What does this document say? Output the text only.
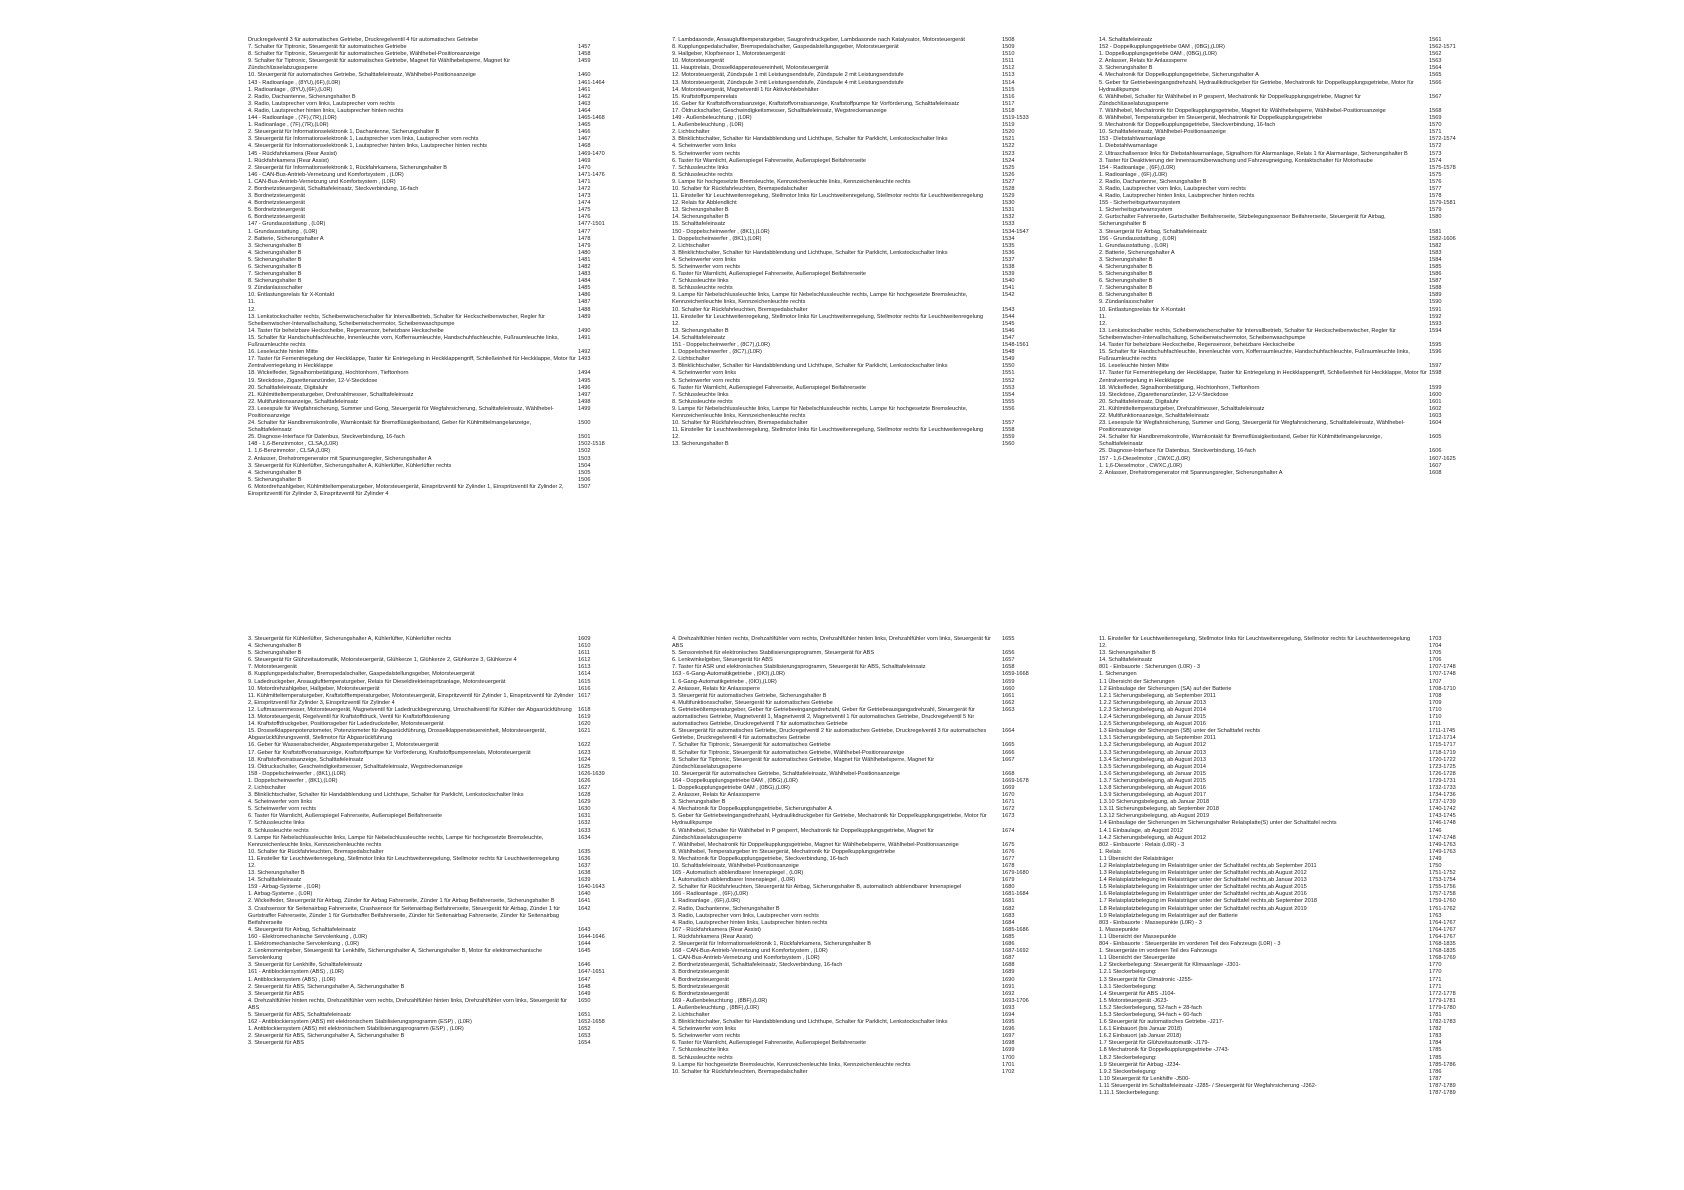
Druckregelventil 3 für automatisches Getriebe, Druckregelventil 4 für automatisches Getriebe
7. Schalter für Tiptronic, Steuergerät für automatisches Getriebe	1457
8. Schalter für Tiptronic, Steuergerät für automatisches Getriebe, Wählhebel-Positionsanzeige	1458
9. Schalter für Tiptronic, Steuergerät für automatisches Getriebe, Magnet für Wählhebelsperre, Magnet für Zündschlüsselabzugssperre
1459
10. Steuergerät für automatisches Getriebe, Schalttafeleinsatz, Wählhebel-Positionsanzeige	1460
143 - Radioanlage , (8YU),(6F),(L0R)	1461-1464
1. Radioanlage , (8YU),(6F),(L0R)	1461
2. Radio, Dachantenne, Sicherungshalter B	1462
3. Radio, Lautsprecher vorn links, Lautsprecher vorn rechts	1463
4. Radio, Lautsprecher hinten links, Lautsprecher hinten rechts	1464
144 - Radioanlage , (7F),(7R),(L0R)	1465-1468
1. Radioanlage , (7F),(7R),(L0R)	1465
2. Steuergerät für Informationselektronik 1, Dachantenne, Sicherungshalter B	1466
3. Steuergerät für Informationselektronik 1, Lautsprecher vorn links, Lautsprecher vorn rechts	1467
4. Steuergerät für Informationselektronik 1, Lautsprecher hinten links, Lautsprecher hinten rechts	1468
145 - Rückfahrkamera (Rear Assist)	1469-1470
1. Rückfahrkamera (Rear Assist)	1469
2. Steuergerät für Informationselektronik 1, Rückfahrkamera, Sicherungshalter B	1470
146 - CAN-Bus-Antrieb-Vernetzung und Komfortsystem , (L0R)	1471-1476
1. CAN-Bus-Antrieb-Vernetzung und Komfortsystem , (L0R)	1471
2. Bordnetzsteuergerät, Schalttafeleinsatz, Steckverbindung, 16-fach	1472
3. Bordnetzsteuergerät	1473
4. Bordnetzsteuergerät	1474
5. Bordnetzsteuergerät	1475
6. Bordnetzsteuergerät	1476
147 - Grundausstattung , (L0R)	1477-1501
1. Grundausstattung , (L0R)	1477
2. Batterie, Sicherungshalter A	1478
3. Sicherungshalter B	1479
4. Sicherungshalter B	1480
5. Sicherungshalter B	1481
6. Sicherungshalter B	1482
7. Sicherungshalter B	1483
8. Sicherungshalter B	1484
9. Zündanlassschalter	1485
10. Entlastungsrelais für X-Kontakt	1486
11.	1487
12.	1488
13. Lenkstockschalter rechts, Scheibenwischerschalter für Intervallbetrieb, Schalter für Heckscheibenwischer, Regler für Scheibenwischer-Intervallschaltung, Scheibenwischermotor, Scheibenwaschpumpe
1489
14. Taster für beheizbare Heckscheibe, Regensensor, beheizbare Heckscheibe	1490
15. Schalter für Handschuhfachleuchte, Innenleuchte vorn, Kofferraumleuchte, Handschuhfachleuchte, Fußraumleuchte links, Fußraumleuchte rechts
1491
16. Leseleuchte hinten Mitte	1492
17. Taster für Fernentriegelung der Heckklappe, Taster für Entriegelung in Heckklappengriff, Schließeinheit für Heckklappe, Motor für Zentralverriegelung in Heckklappe
1493
18. Wickelfeder, Signalhornbetätigung, Hochtonhorn, Tieftonhorn	1494
19. Steckdose, Zigarettenanzünder, 12-V-Steckdose	1495
20. Schalttafeleinsatz, Digitaluhr	1496
21. Kühlmitteltemperaturgeber, Drehzahlmesser, Schalttafeleinsatz	1497
22. Multifunktionsanzeige, Schalttafeleinsatz	1498
23. Lesespule für Wegfahrsicherung, Summer und Gong, Steuergerät für Wegfahrsicherung, Schalttafeleinsatz, Wählhebel-Positionsanzeige
1499
24. Schalter für Handbremskontrolle, Warnkontakt für Bremsflüssigkeitsstand, Geber für Kühlmittelmangelanzeige, Schalttafeleinsatz
1500
25. Diagnose-Interface für Datenbus, Steckverbindung, 16-fach	1501
148 - 1,6-Benzinmotor , CLSA,(L0R)	1502-1518
1. 1,6-Benzinmotor , CLSA,(L0R)	1502
2. Anlasser, Drehstromgenerator mit Spannungsregler, Sicherungshalter A	1503
3. Steuergerät für Kühlerlüfter, Sicherungshalter A, Kühlerlüfter, Kühlerlüfter rechts	1504
4. Sicherungshalter B	1505
5. Sicherungshalter B	1506
6. Motordrehzahlgeber, Kühlmitteltemperaturgeber, Motorsteuergerät, Einspritzventil für Zylinder 1, Einspritzventil für Zylinder 2, Einspritzventil für Zylinder 3, Einspritzventil für Zylinder 4
1507
7. Lambdasonde, Ansauglufttemperaturgeber, Saugrohrdruckgeber, Lambdasonde nach Katalysator, Motorsteuergerät	1508
8. Kupplungspedalschalter, Bremspedalschalter, Gaspedalstellungsgeber, Motorsteuergerät	1509
9. Hallgeber, Klopfsensor 1, Motorsteuergerät	1510
10. Motorsteuergerät	1511
11. Hauptrelais, Drosselklappensteuereinheit, Motorsteuergerät	1512
12. Motorsteuergerät, Zündspule 1 mit Leistungsendstufe, Zündspule 2 mit Leistungsendstufe	1513
13. Motorsteuergerät, Zündspule 3 mit Leistungsendstufe, Zündspule 4 mit Leistungsendstufe	1514
14. Motorsteuergerät, Magnetventil 1 für Aktivkohlebehälter	1515
15. Kraftstoffpumpenrelais	1516
16. Geber für Kraftstoffvorratsanzeige, Kraftstoffvorratsanzeige, Kraftstoffpumpe für Vorförderung, Schalttafeleinsatz	1517
17. Öldruckschalter, Geschwindigkeitsmesser, Schalttafeleinsatz, Wegstreckenanzeige	1518
149 - Außenbeleuchtung , (L0R)	1519-1533
1. Außenbeleuchtung , (L0R)	1519
2. Lichtschalter	1520
3. Blinklichtschalter, Schalter für Handabblendung und Lichthupe, Schalter für Parklicht, Lenkstockschalter links	1521
4. Scheinwerfer vorn links	1522
5. Scheinwerfer vorn rechts	1523
6. Taster für Warnlicht, Außenspiegel Fahrerseite, Außenspiegel Beifahrerseite	1524
7. Schlussleuchte links	1525
8. Schlussleuchte rechts	1526
9. Lampe für hochgesetzte Bremsleuchte, Kennzeichenleuchte links, Kennzeichenleuchte rechts	1527
10. Schalter für Rückfahrleuchten, Bremspedalschalter	1528
11. Einsteller für Leuchtweitenregelung, Stellmotor links für Leuchtweitenregelung, Stellmotor rechts für Leuchtweitenregelung	1529
12. Relais für Abblendlicht	1530
13. Sicherungshalter B	1531
14. Sicherungshalter B	1532
15. Schalttafeleinsatz	1533
150 - Doppelscheinwerfer , (8K1),(L0R)	1534-1547
1. Doppelscheinwerfer , (8K1),(L0R)	1534
2. Lichtschalter	1535
3. Blinklichtschalter, Schalter für Handabblendung und Lichthupe, Schalter für Parklicht, Lenkstockschalter links	1536
4. Scheinwerfer vorn links	1537
5. Scheinwerfer vorn rechts	1538
6. Taster für Warnlicht, Außenspiegel Fahrerseite, Außenspiegel Beifahrerseite	1539
7. Schlussleuchte links	1540
8. Schlussleuchte rechts	1541
9. Lampe für Nebelschlussleuchte links, Lampe für Nebelschlussleuchte rechts, Lampe für hochgesetzte Bremsleuchte, Kennzeichenleuchte links, Kennzeichenleuchte rechts
1542
10. Schalter für Rückfahrleuchten, Bremspedalschalter	1543
11. Einsteller für Leuchtweitenregelung, Stellmotor links für Leuchtweitenregelung, Stellmotor rechts für Leuchtweitenregelung	1544
12.	1545
13. Sicherungshalter B	1546
14. Schalttafeleinsatz	1547
151 - Doppelscheinwerfer , (8C7),(L0R)	1548-1561
1. Doppelscheinwerfer , (8C7),(L0R)	1548
2. Lichtschalter	1549
3. Blinklichtschalter, Schalter für Handabblendung und Lichthupe, Schalter für Parklicht, Lenkstockschalter links	1550
4. Scheinwerfer vorn links	1551
5. Scheinwerfer vorn rechts	1552
6. Taster für Warnlicht, Außenspiegel Fahrerseite, Außenspiegel Beifahrerseite	1553
7. Schlussleuchte links	1554
8. Schlussleuchte rechts	1555
9. Lampe für Nebelschlussleuchte links, Lampe für Nebelschlussleuchte rechts, Lampe für hochgesetzte Bremsleuchte, Kennzeichenleuchte links, Kennzeichenleuchte rechts
1556
10. Schalter für Rückfahrleuchten, Bremspedalschalter	1557
11. Einsteller für Leuchtweitenregelung, Stellmotor links für Leuchtweitenregelung, Stellmotor rechts für Leuchtweitenregelung	1558
12.	1559
13. Sicherungshalter B	1560
14. Schalttafeleinsatz	1561
152 - Doppelkupplungsgetriebe 0AM , (0BG),(L0R)	1562-1571
1. Doppelkupplungsgetriebe 0AM , (0BG),(L0R)	1562
2. Anlasser, Relais für Anlasssperre	1563
3. Sicherungshalter B	1564
4. Mechatronik für Doppelkupplungsgetriebe, Sicherungshalter A	1565
5. Geber für Getriebeeingangsdrehzahl, Hydraulikdruckgeber für Getriebe, Mechatronik für Doppelkupplungsgetriebe, Motor für Hydraulikpumpe
1566
6. Wählhebel, Schalter für Wählhebel in P gesperrt, Mechatronik für Doppelkupplungsgetriebe, Magnet für Zündschlüsselabzugssperre
1567
7. Wählhebel, Mechatronik für Doppelkupplungsgetriebe, Magnet für Wählhebelsperre, Wählhebel-Positionsanzeige	1568
8. Wählhebel, Temperaturgeber im Steuergerät, Mechatronik für Doppelkupplungsgetriebe	1569
9. Mechatronik für Doppelkupplungsgetriebe, Steckverbindung, 16-fach	1570
10. Schalttafeleinsatz, Wählhebel-Positionsanzeige	1571
153 - Diebstahlwarnanlage	1572-1574
1. Diebstahlwarnanlage	1572
2. Ultraschallsensor links für Diebstahlwarnanlage, Signalhorn für Alarmanlage, Relais 1 für Alarmanlage, Sicherungshalter B	1573
3. Taster für Deaktivierung der Innenraumüberwachung und Fahrzeugneigung, Kontaktschalter für Motorhaube	1574
154 - Radioanlage , (6F),(L0R)	1575-1578
1. Radioanlage , (6F),(L0R)	1575
2. Radio, Dachantenne, Sicherungshalter B	1576
3. Radio, Lautsprecher vorn links, Lautsprecher vorn rechts	1577
4. Radio, Lautsprecher hinten links, Lautsprecher hinten rechts	1578
155 - Sicherheitsgurtwarnsystem	1579-1581
1. Sicherheitsgurtwarnsystem	1579
2. Gurtschalter Fahrerseite, Gurtschalter Beifahrerseite, Sitzbelegungssensor Beifahrerseite, Steuergerät für Airbag, Sicherungshalter B
1580
3. Steuergerät für Airbag, Schalttafeleinsatz	1581
156 - Grundausstattung , (L0R)	1582-1606
1. Grundausstattung , (L0R)	1582
2. Batterie, Sicherungshalter A	1583
3. Sicherungshalter B	1584
4. Sicherungshalter B	1585
5. Sicherungshalter B	1586
6. Sicherungshalter B	1587
7. Sicherungshalter B	1588
8. Sicherungshalter B	1589
9. Zündanlassschalter	1590
10. Entlastungsrelais für X-Kontakt	1591
11.	1592
12.	1593
13. Lenkstockschalter rechts, Scheibenwischerschalter für Intervallbetrieb, Schalter für Heckscheibenwischer, Regler für Scheibenwischer-Intervallschaltung, Scheibenwischermotor, Scheibenwaschpumpe
1594
14. Taster für beheizbare Heckscheibe, Regensensor, beheizbare Heckscheibe	1595
15. Schalter für Handschuhfachleuchte, Innenleuchte vorn, Kofferraumleuchte, Handschuhfachleuchte, Fußraumleuchte links, Fußraumleuchte rechts
1596
16. Leseleuchte hinten Mitte	1597
17. Taster für Fernentriegelung der Heckklappe, Taster für Entriegelung in Heckklappengriff, Schließeinheit für Heckklappe, Motor für Zentralverriegelung in Heckklappe
1598
18. Wickelfeder, Signalhornbetätigung, Hochtonhorn, Tieftonhorn	1599
19. Steckdose, Zigarettenanzünder, 12-V-Steckdose	1600
20. Schalttafeleinsatz, Digitaluhr	1601
21. Kühlmitteltemperaturgeber, Drehzahlmesser, Schalttafeleinsatz	1602
22. Multifunktionsanzeige, Schalttafeleinsatz	1603
23. Lesespule für Wegfahrsicherung, Summer und Gong, Steuergerät für Wegfahrsicherung, Schalttafeleinsatz, Wählhebel-Positionsanzeige
1604
24. Schalter für Handbremskontrolle, Warnkontakt für Bremsflüssigkeitsstand, Geber für Kühlmittelmangelanzeige, Schalttafeleinsatz
1605
25. Diagnose-Interface für Datenbus, Steckverbindung, 16-fach	1606
157 - 1,6-Dieselmotor , CWXC,(L0R)	1607-1625
1. 1,6-Dieselmotor , CWXC,(L0R)	1607
2. Anlasser, Drehstromgenerator mit Spannungsregler, Sicherungshalter A	1608
3. Steuergerät für Kühlerlüfter, Sicherungshalter A, Kühlerlüfter, Kühlerlüfter rechts	1609
4. Sicherungshalter B	1610
5. Sicherungshalter B	1611
6. Steuergerät für Glühzeitautomatik, Motorsteuergerät, Glühkerze 1, Glühkerze 2, Glühkerze 3, Glühkerze 4	1612
7. Motorsteuergerät	1613
8. Kupplungspedalschalter, Bremspedalschalter, Gaspedalstellungsgeber, Motorsteuergerät	1614
9. Ladedruckgeber, Ansauglufttemperaturgeber, Relais für Dieseldirekteinspritzanlage, Motorsteuergerät	1615
10. Motordrehzahlgeber, Hallgeber, Motorsteuergerät	1616
11. Kühlmitteltemperaturgeber, Kraftstofftemperaturgeber, Motorsteuergerät, Einspritzventil für Zylinder 1, Einspritzventil für Zylinder 2, Einspritzventil für Zylinder 3, Einspritzventil für Zylinder 4
1617
12. Luftmassenmesser, Motorsteuergerät, Magnetventil für Ladedruckbegrenzung, Umschaltventil für Kühler der Abgasrückführung	1618
13. Motorsteuergerät, Regelventil für Kraftstoffdruck, Ventil für Kraftstoffdosierung	1619
14. Kraftstoffdruckgeber, Positionsgeber für Ladedrucksteller, Motorsteuergerät	1620
15. Drosselklappenpotenziometer, Potenziometer für Abgasrückführung, Drosselklappensteuereinheit, Motorsteuergerät, Abgasrückführungsventil, Stellmotor für Abgasrückführung
1621
16. Geber für Wasserabscheider, Abgastemperaturgeber 1, Motorsteuergerät	1622
17. Geber für Kraftstoffvorratsanzeige, Kraftstoffpumpe für Vorförderung, Kraftstoffpumpenrelais, Motorsteuergerät	1623
18. Kraftstoffvorratsanzeige, Schalttafeleinsatz	1624
19. Öldruckschalter, Geschwindigkeitsmesser, Schalttafeleinsatz, Wegstreckenanzeige	1625
158 - Doppelscheinwerfer , (8K1),(L0R)	1626-1639
1. Doppelscheinwerfer , (8K1),(L0R)	1626
2. Lichtschalter	1627
3. Blinklichtschalter, Schalter für Handabblendung und Lichthupe, Schalter für Parklicht, Lenkstockschalter links	1628
4. Scheinwerfer vorn links	1629
5. Scheinwerfer vorn rechts	1630
6. Taster für Warnlicht, Außenspiegel Fahrerseite, Außenspiegel Beifahrerseite	1631
7. Schlussleuchte links	1632
8. Schlussleuchte rechts	1633
9. Lampe für Nebelschlussleuchte links, Lampe für Nebelschlussleuchte rechts, Lampe für hochgesetzte Bremsleuchte, Kennzeichenleuchte links, Kennzeichenleuchte rechts
1634
10. Schalter für Rückfahrleuchten, Bremspedalschalter	1635
11. Einsteller für Leuchtweitenregelung, Stellmotor links für Leuchtweitenregelung, Stellmotor rechts für Leuchtweitenregelung	1636
12.	1637
13. Sicherungshalter B	1638
14. Schalttafeleinsatz	1639
159 - Airbag-Systeme , (L0R)	1640-1643
1. Airbag-Systeme , (L0R)	1640
2. Wickelfeder, Steuergerät für Airbag, Zünder für Airbag Fahrerseite, Zünder 1 für Airbag Beifahrerseite, Sicherungshalter B	1641
3. Crashsensor für Seitenairbag Fahrerseite, Crashsensor für Seitenairbag Beifahrerseite, Steuergerät für Airbag, Zünder 1 für Gurtstraffer Fahrerseite, Zünder 1 für Gurtstraffer Beifahrerseite, Zünder für Seitenairbag Fahrerseite, Zünder für Seitenairbag Beifahrerseite
1642
4. Steuergerät für Airbag, Schalttafeleinsatz	1643
160 - Elektromechanische Servolenkung , (L0R)	1644-1646
1. Elektromechanische Servolenkung , (L0R)	1644
2. Lenkmomentgeber, Steuergerät für Lenkhilfe, Sicherungshalter A, Sicherungshalter B, Motor für elektromechanische Servolenkung
1645
3. Steuergerät für Lenkhilfe, Schalttafeleinsatz	1646
161 - Antiblockiersystem (ABS) , (L0R)	1647-1651
1. Antiblockiersystem (ABS) , (L0R)	1647
2. Steuergerät für ABS, Sicherungshalter A, Sicherungshalter B	1648
3. Steuergerät für ABS	1649
4. Drehzahlfühler hinten rechts, Drehzahlfühler vorn rechts, Drehzahlfühler hinten links, Drehzahlfühler vorn links, Steuergerät für ABS
1650
5. Steuergerät für ABS, Schalttafeleinsatz	1651
162 - Antiblockiersystem (ABS) mit elektronischem Stabilisierungsprogramm (ESP) , (L0R)	1652-1658
1. Antiblockiersystem (ABS) mit elektronischem Stabilisierungsprogramm (ESP) , (L0R)	1652
2. Steuergerät für ABS, Sicherungshalter A, Sicherungshalter B	1653
3. Steuergerät für ABS	1654
4. Drehzahlfühler hinten rechts, Drehzahlfühler vorn rechts, Drehzahlfühler hinten links, Drehzahlfühler vorn links, Steuergerät für ABS
1655
5. Sensoreinheit für elektronisches Stabilisierungsprogramm, Steuergerät für ABS	1656
6. Lenkwinkelgeber, Steuergerät für ABS	1657
7. Taster für ASR und elektronisches Stabilisierungsprogramm, Steuergerät für ABS, Schalttafeleinsatz	1658
163 - 6-Gang-Automatikgetriebe , (0IO),(L0R)	1659-1668
1. 6-Gang-Automatikgetriebe , (0IO),(L0R)	1659
2. Anlasser, Relais für Anlasssperre	1660
3. Steuergerät für automatisches Getriebe, Sicherungshalter B	1661
4. Multifunktionsschalter, Steuergerät für automatisches Getriebe	1662
5. Getriebeöltemperaturgeber, Geber für Getriebeeingangsdrehzahl, Geber für Getriebeausgangsdrehzahl, Steuergerät für automatisches Getriebe, Magnetventil 1, Magnetventil 2, Magnetventil 1 für automatisches Getriebe, Druckregelventil 5 für automatisches Getriebe, Druckregelventil 7 für automatisches Getriebe
1663
6. Steuergerät für automatisches Getriebe, Druckregelventil 2 für automatisches Getriebe, Druckregelventil 3 für automatisches Getriebe, Druckregelventil 4 für automatisches Getriebe
1664
7. Schalter für Tiptronic, Steuergerät für automatisches Getriebe	1665
8. Schalter für Tiptronic, Steuergerät für automatisches Getriebe, Wählhebel-Positionsanzeige	1666
9. Schalter für Tiptronic, Steuergerät für automatisches Getriebe, Magnet für Wählhebelsperre, Magnet für Zündschlüsselabzugssperre
1667
10. Steuergerät für automatisches Getriebe, Schalttafeleinsatz, Wählhebel-Positionsanzeige	1668
164 - Doppelkupplungsgetriebe 0AM , (0BG),(L0R)	1669-1678
1. Doppelkupplungsgetriebe 0AM , (0BG),(L0R)	1669
2. Anlasser, Relais für Anlasssperre	1670
3. Sicherungshalter B	1671
4. Mechatronik für Doppelkupplungsgetriebe, Sicherungshalter A	1672
5. Geber für Getriebeeingangsdrehzahl, Hydraulikdruckgeber für Getriebe, Mechatronik für Doppelkupplungsgetriebe, Motor für Hydraulikpumpe
1673
6. Wählhebel, Schalter für Wählhebel in P gesperrt, Mechatronik für Doppelkupplungsgetriebe, Magnet für Zündschlüsselabzugssperre
1674
7. Wählhebel, Mechatronik für Doppelkupplungsgetriebe, Magnet für Wählhebelsperre, Wählhebel-Positionsanzeige	1675
8. Wählhebel, Temperaturgeber im Steuergerät, Mechatronik für Doppelkupplungsgetriebe	1676
9. Mechatronik für Doppelkupplungsgetriebe, Steckverbindung, 16-fach	1677
10. Schalttafeleinsatz, Wählhebel-Positionsanzeige	1678
165 - Automatisch abblendbarer Innenspiegel , (L0R)	1679-1680
1. Automatisch abblendbarer Innenspiegel , (L0R)	1679
2. Schalter für Rückfahrleuchten, Steuergerät für Airbag, Sicherungshalter B, automatisch abblendbarer Innenspiegel	1680
166 - Radioanlage , (6F),(L0R)	1681-1684
1. Radioanlage , (6F),(L0R)	1681
2. Radio, Dachantenne, Sicherungshalter B	1682
3. Radio, Lautsprecher vorn links, Lautsprecher vorn rechts	1683
4. Radio, Lautsprecher hinten links, Lautsprecher hinten rechts	1684
167 - Rückfahrkamera (Rear Assist)	1685-1686
1. Rückfahrkamera (Rear Assist)	1685
2. Steuergerät für Informationselektronik 1, Rückfahrkamera, Sicherungshalter B	1686
168 - CAN-Bus-Antrieb-Vernetzung und Komfortsystem , (L0R)	1687-1692
1. CAN-Bus-Antrieb-Vernetzung und Komfortsystem , (L0R)	1687
2. Bordnetzsteuergerät, Schalttafeleinsatz, Steckverbindung, 16-fach	1688
3. Bordnetzsteuergerät	1689
4. Bordnetzsteuergerät	1690
5. Bordnetzsteuergerät	1691
6. Bordnetzsteuergerät	1692
169 - Außenbeleuchtung , (8BF),(L0R)	1693-1706
1. Außenbeleuchtung , (8BF),(L0R)	1693
2. Lichtschalter	1694
3. Blinklichtschalter, Schalter für Handabblendung und Lichthupe, Schalter für Parklicht, Lenkstockschalter links	1695
4. Scheinwerfer vorn links	1696
5. Scheinwerfer vorn rechts	1697
6. Taster für Warnlicht, Außenspiegel Fahrerseite, Außenspiegel Beifahrerseite	1698
7. Schlussleuchte links	1699
8. Schlussleuchte rechts	1700
9. Lampe für hochgesetzte Bremsleuchte, Kennzeichenleuchte links, Kennzeichenleuchte rechts	1701
10. Schalter für Rückfahrleuchten, Bremspedalschalter	1702
11. Einsteller für Leuchtweitenregelung, Stellmotor links für Leuchtweitenregelung, Stellmotor rechts für Leuchtweitenregelung	1703
12.	1704
13. Sicherungshalter B	1705
14. Schalttafeleinsatz	1706
801 - Einbauorte : Sicherungen (L0R) - 3	1707-1748
1. Sicherungen	1707-1748
1.1 Übersicht der Sicherungen	1707
1.2 Einbaulage der Sicherungen (SA) auf der Batterie	1708-1710
1.2.1 Sicherungsbelegung, ab September 2011	1708
1.2.2 Sicherungsbelegung, ab Januar 2013	1709
1.2.3 Sicherungsbelegung, ab August 2014	1710
1.2.4 Sicherungsbelegung, ab Januar 2015	1710
1.2.5 Sicherungsbelegung, ab August 2016	1711
1.3 Einbaulage der Sicherungen (SB) unter der Schalttafel rechts	1711-1745
1.3.1 Sicherungsbelegung, ab September 2011	1712-1714
1.3.2 Sicherungsbelegung, ab August 2012	1715-1717
1.3.3 Sicherungsbelegung, ab Januar 2013	1718-1719
1.3.4 Sicherungsbelegung, ab August 2013	1720-1722
1.3.5 Sicherungsbelegung, ab August 2014	1723-1725
1.3.6 Sicherungsbelegung, ab Januar 2015	1726-1728
1.3.7 Sicherungsbelegung, ab August 2015	1729-1731
1.3.8 Sicherungsbelegung, ab August 2016	1732-1733
1.3.9 Sicherungsbelegung, ab August 2017	1734-1736
1.3.10 Sicherungsbelegung, ab Januar 2018	1737-1739
1.3.11 Sicherungsbelegung, ab September 2018	1740-1742
1.3.12 Sicherungsbelegung, ab August 2019	1743-1745
1.4 Einbaulage der Sicherungen im Sicherungshalter Relaisplatte(S) unter der Schalttafel rechts	1746-1748
1.4.1 Einbaulage, ab August 2012	1746
1.4.2 Sicherungsbelegung, ab August 2012	1747-1748
802 - Einbauorte : Relais (L0R) - 3	1749-1763
1. Relais	1749-1763
1.1 Übersicht der Relaisträger	1749
1.2 Relaisplatzbelegung im Relaisträger unter der Schalttafel rechts,ab September 2011	1750
1.3 Relaisplatzbelegung im Relaisträger unter der Schalttafel rechts,ab August 2012	1751-1752
1.4 Relaisplatzbelegung im Relaisträger unter der Schalttafel rechts,ab Januar 2013	1753-1754
1.5 Relaisplatzbelegung im Relaisträger unter der Schalttafel rechts,ab August 2015	1755-1756
1.6 Relaisplatzbelegung im Relaisträger unter der Schalttafel rechts,ab August 2016	1757-1758
1.7 Relaisplatzbelegung im Relaisträger unter der Schalttafel rechts,ab September 2018	1759-1760
1.8 Relaisplatzbelegung im Relaisträger unter der Schalttafel rechts,ab August 2019	1761-1762
1.9 Relaisplatzbelegung im Relaisträger auf der Batterie	1763
803 - Einbauorte : Massepunkte (L0R) - 3	1764-1767
1. Massepunkte	1764-1767
1.1 Übersicht der Massepunkte	1764-1767
804 - Einbauorte : Steuergeräte im vorderen Teil des Fahrzeugs (L0R) - 3	1768-1835
1. Steuergeräte im vorderen Teil des Fahrzeugs	1768-1835
1.1 Übersicht der Steuergeräte	1768-1769
1.2 Steckerbelegung: Steuergerät für Klimaanlage -J301-	1770
1.2.1 Steckerbelegung:	1770
1.3 Steuergerät für Climatronic -J255-	1771
1.3.1 Steckerbelegung:	1771
1.4 Steuergerät für ABS -J104-	1772-1778
1.5 Motorsteuergerät -J623-	1779-1781
1.5.2 Steckerbelegung, 52-fach + 28-fach	1779-1780
1.5.3 Steckerbelegung, 94-fach + 60-fach	1781
1.6 Steuergerät für automatisches Getriebe -J217-	1782-1783
1.6.1 Einbauort (bis Januar 2018)	1782
1.6.2 Einbauort (ab Januar 2018)	1783
1.7 Steuergerät für Glühzeitautomatik -J179-	1784
1.8 Mechatronik für Doppelkupplungsgetriebe -J743-	1785
1.8.2 Steckerbelegung:	1785
1.9 Steuergerät für Airbag -J234-	1785-1786
1.9.2 Steckerbelegung:	1786
1.10 Steuergerät für Lenkhilfe -J500-	1787
1.11 Steuergerät im Schalttafeleinsatz -J285- / Steuergerät für Wegfahrsicherung -J362-	1787-1789
1.11.1 Steckerbelegung:	1787-1789
